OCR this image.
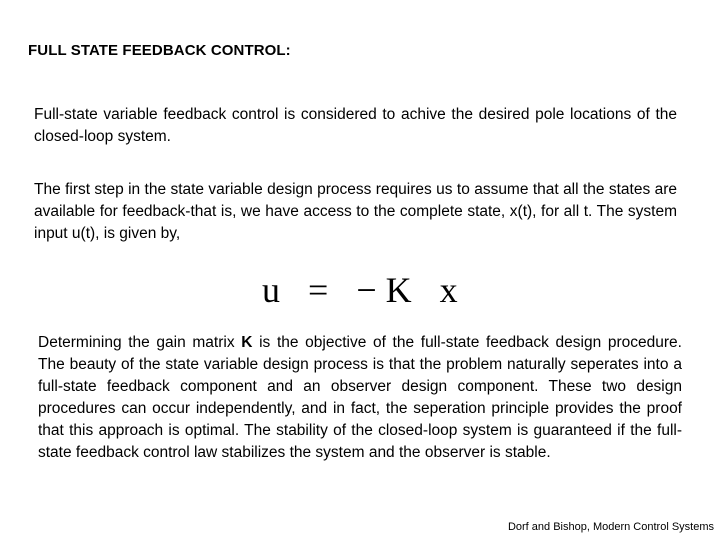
FULL STATE FEEDBACK CONTROL:

Full-state variable feedback control is considered to achive the desired pole locations of the closed-loop system.

The first step in the state variable design process requires us to assume that all the states are available for feedback-that is, we have access to the complete state, x(t), for all t. The system input u(t), is given by,

u = − K x

Determining the gain matrix K is the objective of the full-state feedback design procedure. The beauty of the state variable design process is that the problem naturally seperates into a full-state feedback component and an observer design component. These two design procedures can occur independently, and in fact, the seperation principle provides the proof that this approach is optimal. The stability of the closed-loop system is guaranteed if the full-state feedback control law stabilizes the system and the observer is stable.

Dorf and Bishop, Modern Control Systems
